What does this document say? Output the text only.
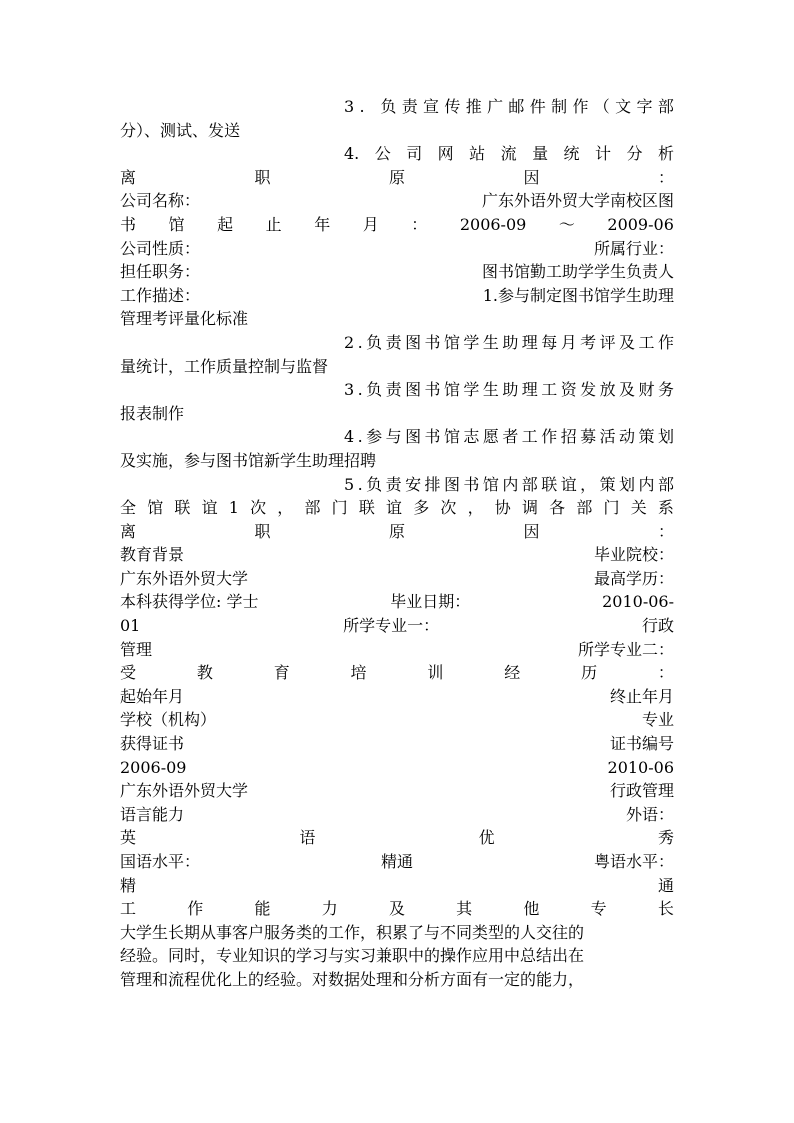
3 .
负 责 宣 传 推 广 邮 件 制 作 （ 文 字 部
分）、测试、发送
4. 公 司 网 站 流 量 统 计 分 析
离	职	原	因	：
公司名称：	广东外语外贸大学南校区图
书 馆 起 止 年 月 ： 2006-09 ～ 2009-06
公司性质：	所属行业：
担任职务：	图书馆勤工助学学生负责人
工作描述：	1.参与制定图书馆学生助理
管理考评量化标准
2 . 负 责 图 书 馆 学 生 助 理 每 月 考 评 及 工 作
量统计，工作质量控制与监督
3 . 负 责 图 书 馆 学 生 助 理 工 资 发 放 及 财 务
报表制作
4 . 参 与 图 书 馆 志 愿 者 工 作 招 募 活 动 策 划
及实施，参与图书馆新学生助理招聘
5 . 负 责 安 排 图 书 馆 内 部 联 谊 ， 策 划 内 部
全 馆 联 谊 1 次 ， 部 门 联 谊 多 次 ， 协 调 各 部 门 关 系
离	职	原	因	：
教育背景	毕业院校：
广东外语外贸大学	最高学历：
本科获得学位: 学士	毕业日期：	2010-06-
01	所学专业一：	行政
管理	所学专业二：
受	教	育	培	训	经	历	：
起始年月	终止年月
学校（机构）	专业
获得证书	证书编号
2006-09	2010-06
广东外语外贸大学	行政管理
语言能力	外语：
英	语	优	秀
国语水平：	精通	粤语水平：
精	通
工	作	能	力	及	其	他	专	长
大学生长期从事客户服务类的工作，积累了与不同类型的人交往的
经验。同时，专业知识的学习与实习兼职中的操作应用中总结出在
管理和流程优化上的经验。对数据处理和分析方面有一定的能力，
